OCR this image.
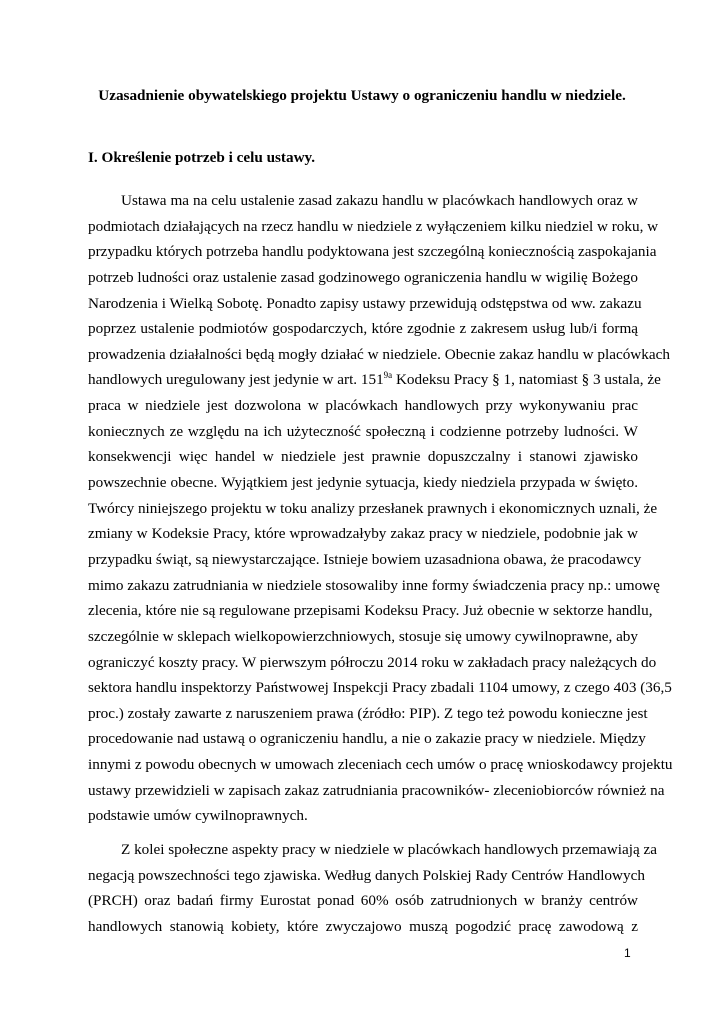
Uzasadnienie obywatelskiego projektu Ustawy o ograniczeniu handlu w niedziele.

I. Określenie potrzeb i celu ustawy.

Ustawa ma na celu ustalenie zasad zakazu handlu w placówkach handlowych oraz w
podmiotach działających na rzecz handlu w niedziele z wyłączeniem kilku niedziel w roku, w
przypadku których potrzeba handlu podyktowana jest szczególną koniecznością zaspokajania
potrzeb ludności oraz ustalenie zasad godzinowego ograniczenia handlu w wigilię Bożego
Narodzenia i Wielką Sobotę. Ponadto zapisy ustawy przewidują odstępstwa od ww. zakazu
poprzez ustalenie podmiotów gospodarczych, które zgodnie z zakresem usług lub/i formą
prowadzenia działalności będą mogły działać w niedziele. Obecnie zakaz handlu w placówkach
handlowych uregulowany jest jedynie w art. $151^{9a}$ Kodeksu Pracy § 1, natomiast § 3 ustala, że
praca w niedziele jest dozwolona w placówkach handlowych przy wykonywaniu prac
koniecznych ze względu na ich użyteczność społeczną i codzienne potrzeby ludności. W
konsekwencji więc handel w niedziele jest prawnie dopuszczalny i stanowi zjawisko
powszechnie obecne. Wyjątkiem jest jedynie sytuacja, kiedy niedziela przypada w święto.
Twórcy niniejszego projektu w toku analizy przesłanek prawnych i ekonomicznych uznali, że
zmiany w Kodeksie Pracy, które wprowadzałyby zakaz pracy w niedziele, podobnie jak w
przypadku świąt, są niewystarczające. Istnieje bowiem uzasadniona obawa, że pracodawcy
mimo zakazu zatrudniania w niedziele stosowaliby inne formy świadczenia pracy np.: umowę
zlecenia, które nie są regulowane przepisami Kodeksu Pracy. Już obecnie w sektorze handlu,
szczególnie w sklepach wielkopowierzchniowych, stosuje się umowy cywilnoprawne, aby
ograniczyć koszty pracy. W pierwszym półroczu 2014 roku w zakładach pracy należących do
sektora handlu inspektorzy Państwowej Inspekcji Pracy zbadali 1104 umowy, z czego 403 (36,5
proc.) zostały zawarte z naruszeniem prawa (źródło: PIP). Z tego też powodu konieczne jest
procedowanie nad ustawą o ograniczeniu handlu, a nie o zakazie pracy w niedziele. Między
innymi z powodu obecnych w umowach zleceniach cech umów o pracę wnioskodawcy projektu
ustawy przewidzieli w zapisach zakaz zatrudniania pracowników- zleceniobiorców również na
podstawie umów cywilnoprawnych.
Z kolei społeczne aspekty pracy w niedziele w placówkach handlowych przemawiają za
negacją powszechności tego zjawiska. Według danych Polskiej Rady Centrów Handlowych
(PRCH) oraz badań firmy Eurostat ponad 60% osób zatrudnionych w branży centrów
handlowych stanowią kobiety, które zwyczajowo muszą pogodzić pracę zawodową z
1
